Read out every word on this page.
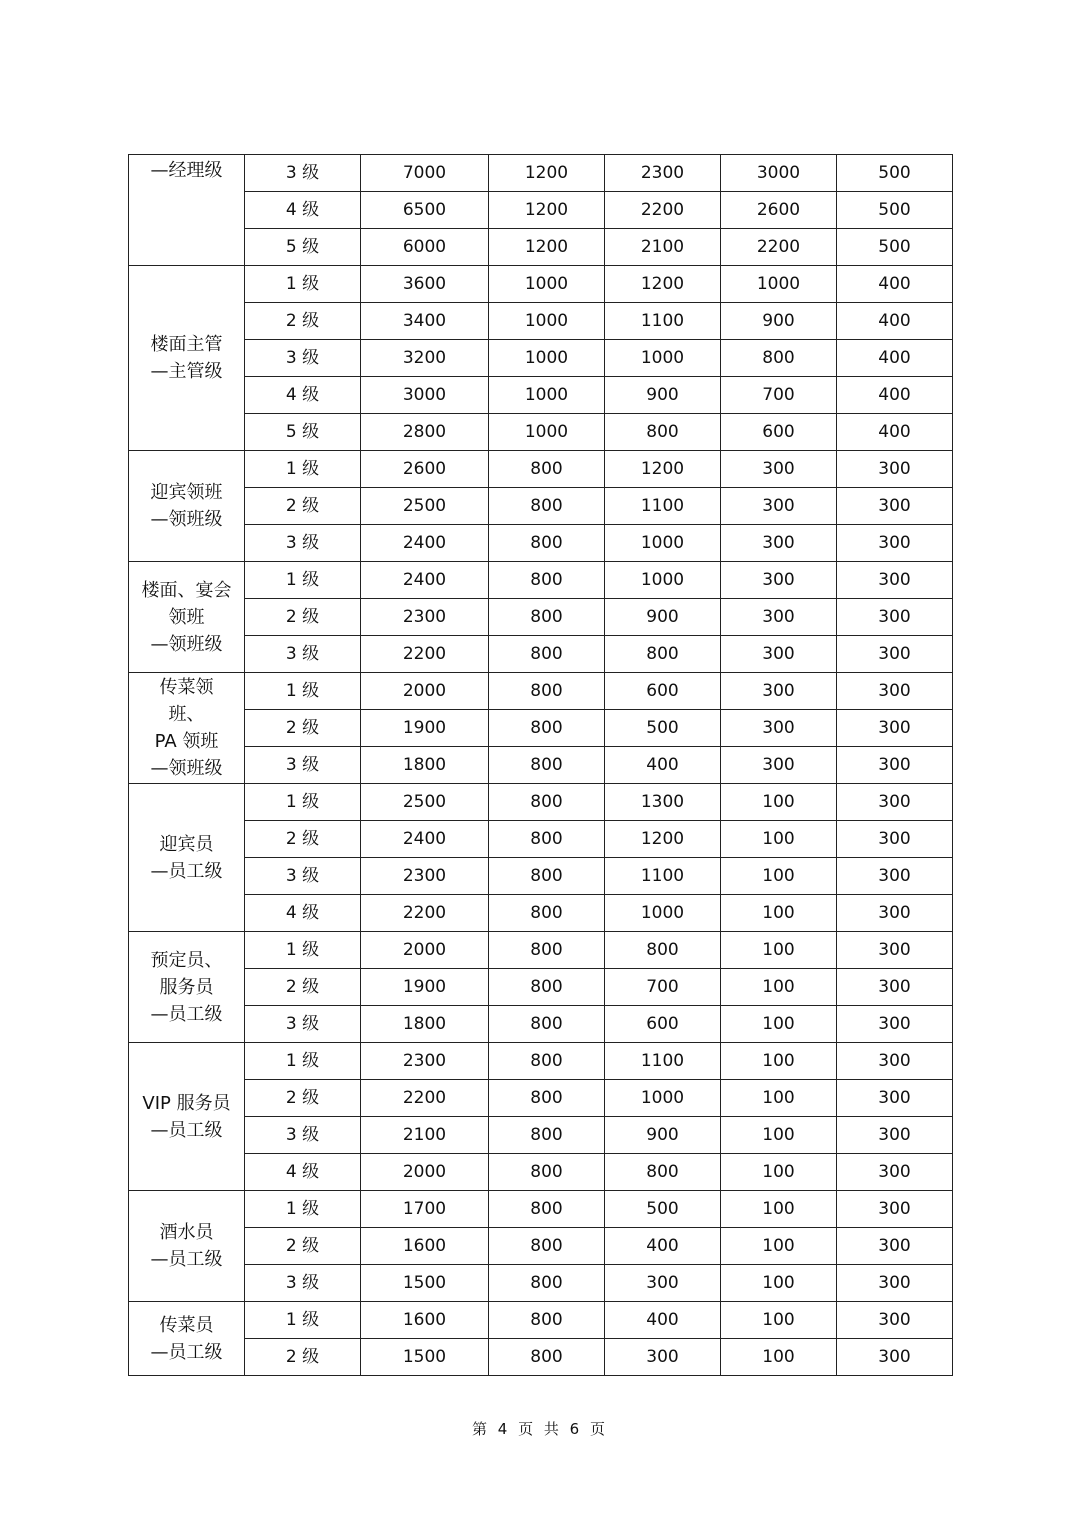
—经理级	3 级	7000	1200	2300	3000	500
	4 级	6500	1200	2200	2600	500
	5 级	6000	1200	2100	2200	500

楼面主管
—主管级	1 级	3600	1000	1200	1000	400
	2 级	3400	1000	1100	900	400
	3 级	3200	1000	1000	800	400
	4 级	3000	1000	900	700	400
	5 级	2800	1000	800	600	400

迎宾领班
—领班级	1 级	2600	800	1200	300	300
	2 级	2500	800	1100	300	300
	3 级	2400	800	1000	300	300

楼面、宴会
领班
—领班级	1 级	2400	800	1000	300	300
	2 级	2300	800	900	300	300
	3 级	2200	800	800	300	300

传菜领
班、
PA 领班
—领班级	1 级	2000	800	600	300	300
	2 级	1900	800	500	300	300
	3 级	1800	800	400	300	300

迎宾员
—员工级	1 级	2500	800	1300	100	300
	2 级	2400	800	1200	100	300
	3 级	2300	800	1100	100	300
	4 级	2200	800	1000	100	300

预定员、
服务员
—员工级	1 级	2000	800	800	100	300
	2 级	1900	800	700	100	300
	3 级	1800	800	600	100	300

VIP 服务员
—员工级	1 级	2300	800	1100	100	300
	2 级	2200	800	1000	100	300
	3 级	2100	800	900	100	300
	4 级	2000	800	800	100	300

酒水员
—员工级	1 级	1700	800	500	100	300
	2 级	1600	800	400	100	300
	3 级	1500	800	300	100	300

传菜员
—员工级	1 级	1600	800	400	100	300
	2 级	1500	800	300	100	300
第 4 页 共 6 页
